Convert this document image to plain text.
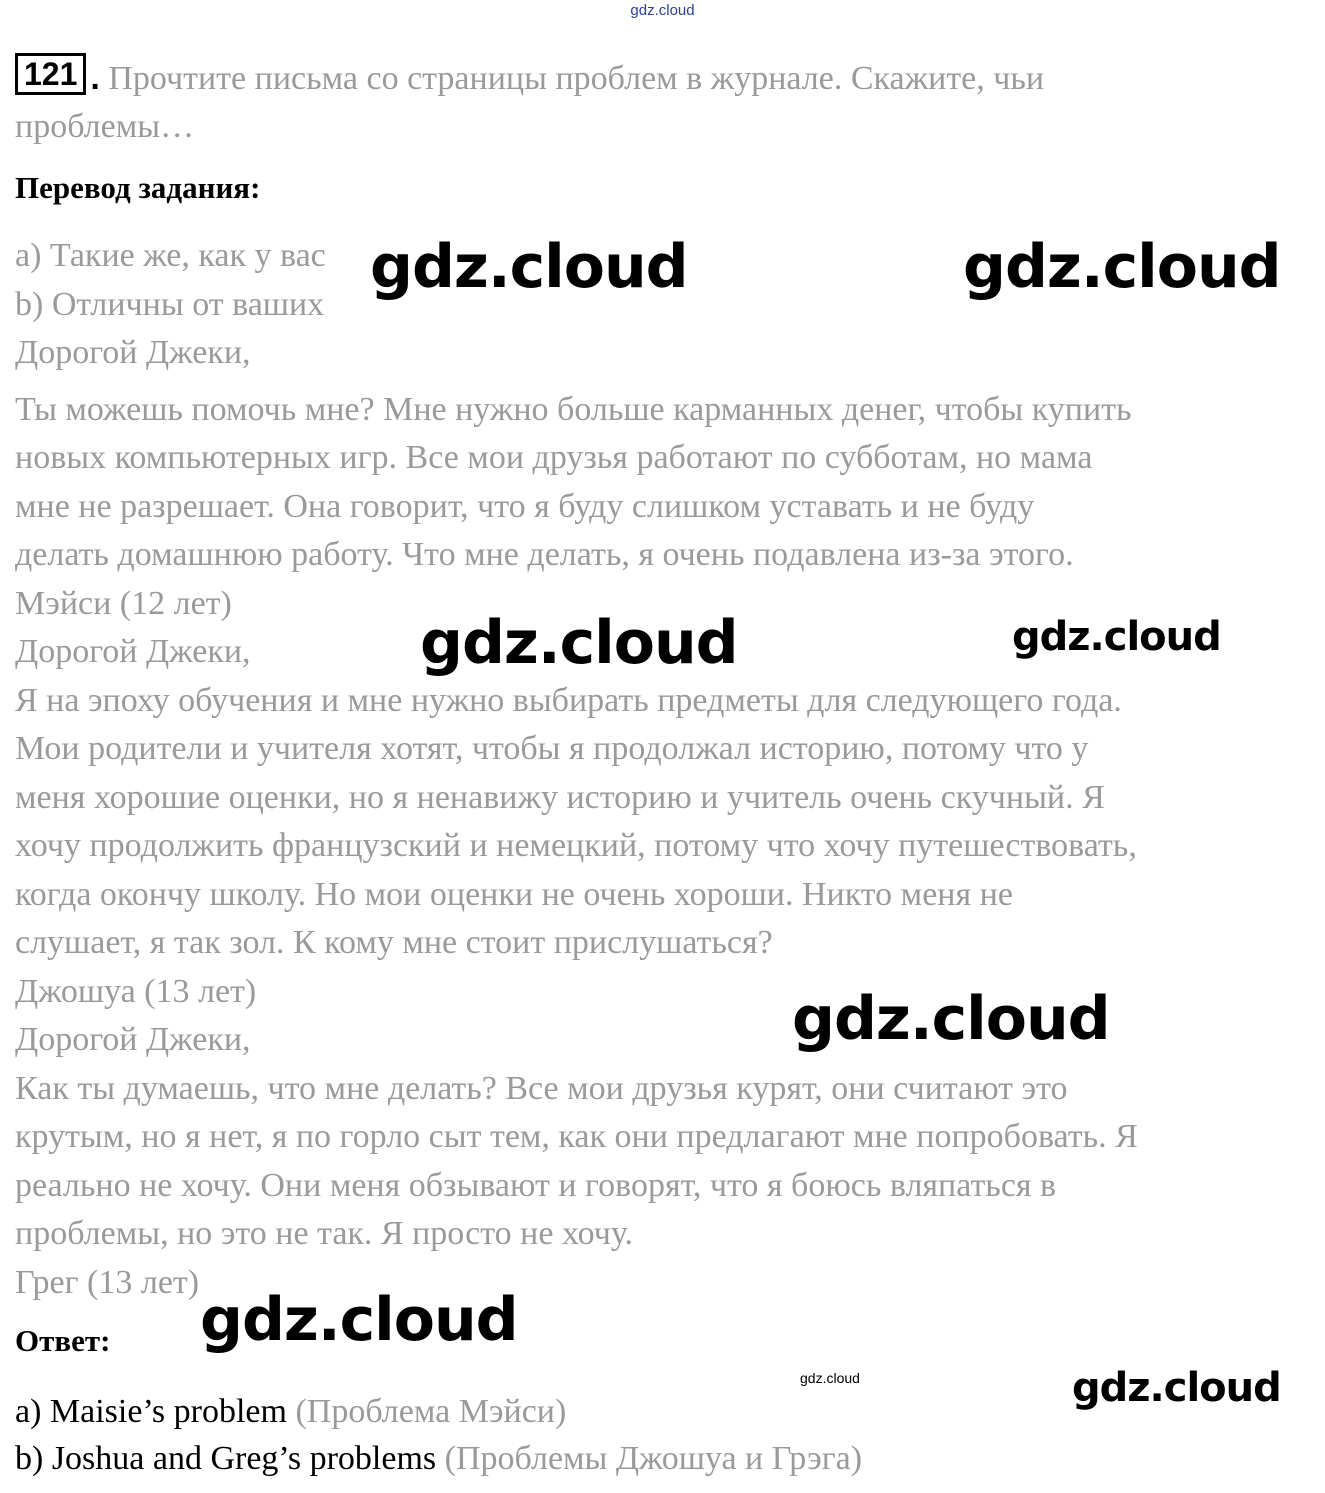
gdz.cloud
121 . Прочтите письма со страницы проблем в журнале. Скажите, чьи
проблемы…
Перевод задания:

a) Такие же, как у вас

b) Отличны от ваших

Дорогой Джеки,

Ты можешь помочь мне? Мне нужно больше карманных денег, чтобы купить

новых компьютерных игр. Все мои друзья работают по субботам, но мама

мне не разрешает. Она говорит, что я буду слишком уставать и не буду

делать домашнюю работу. Что мне делать, я очень подавлена из-за этого.

Мэйси (12 лет)

Дорогой Джеки,

Я на эпоху обучения и мне нужно выбирать предметы для следующего года.

Мои родители и учителя хотят, чтобы я продолжал историю, потому что у

меня хорошие оценки, но я ненавижу историю и учитель очень скучный. Я

хочу продолжить французский и немецкий, потому что хочу путешествовать,

когда окончу школу. Но мои оценки не очень хороши. Никто меня не

слушает, я так зол. К кому мне стоит прислушаться?

Джошуа (13 лет)

Дорогой Джеки,

Как ты думаешь, что мне делать? Все мои друзья курят, они считают это

крутым, но я нет, я по горло сыт тем, как они предлагают мне попробовать. Я

реально не хочу. Они меня обзывают и говорят, что я боюсь вляпаться в

проблемы, но это не так. Я просто не хочу.

Грег (13 лет)

Ответ:

a) Maisie’s problem (Проблема Мэйси)

b) Joshua and Greg’s problems (Проблемы Джошуа и Грэга)

gdz.cloud	gdz.cloud
gdz.cloud	gdz.cloud
gdz.cloud
gdz.cloud
gdz.cloud	gdz.cloud
